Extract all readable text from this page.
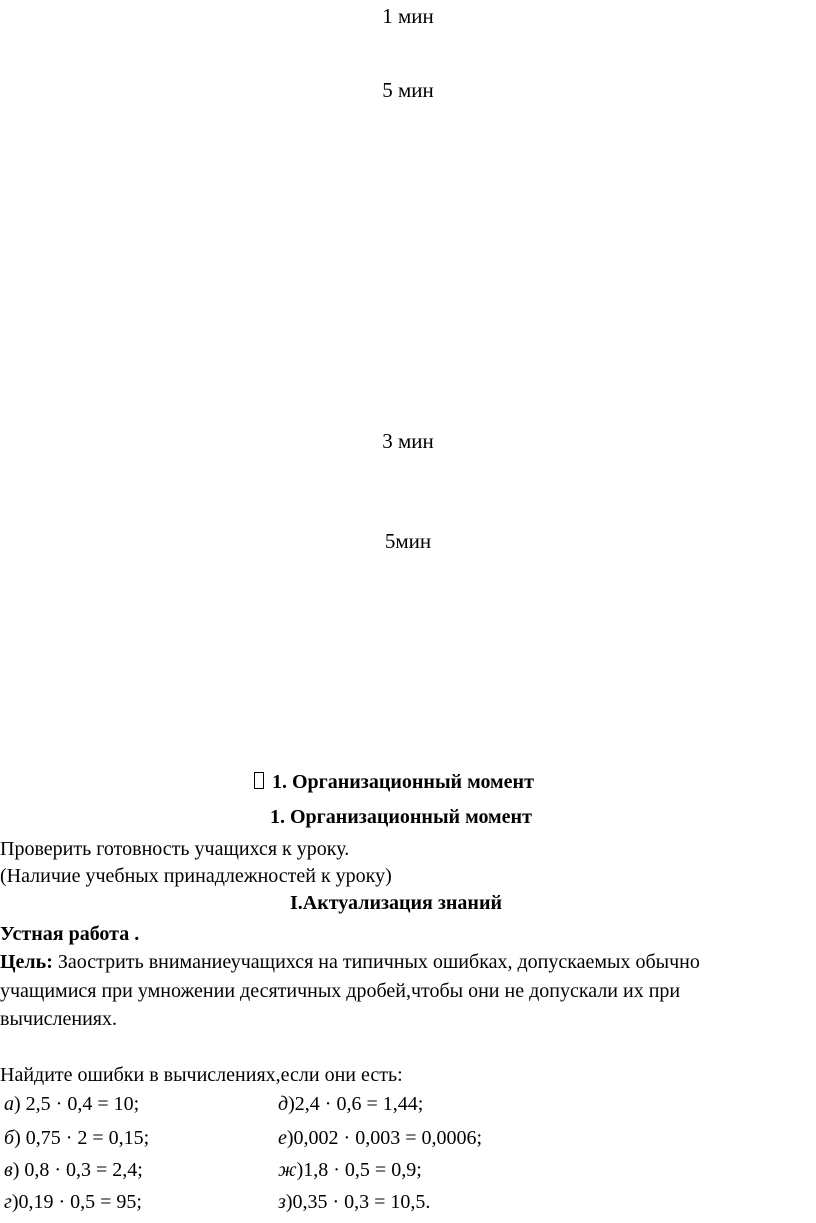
1 мин
5 мин
3 мин
5мин
1. Организационный момент
1. Организационный момент
Проверить готовность учащихся к уроку.
(Наличие учебных принадлежностей к уроку)
I.Актуализация знаний
Устная работа .
Цель: Заострить вниманиеучащихся на типичных ошибках, допускаемых обычно
учащимися при умножении десятичных дробей,чтобы они не допускали их при
вычислениях.
Найдите ошибки в вычислениях,если они есть:
а) 2,5 · 0,4 = 10;	д)2,4 · 0,6 = 1,44;
б) 0,75 · 2 = 0,15;	е)0,002 · 0,003 = 0,0006;
в) 0,8 · 0,3 = 2,4;	ж)1,8 · 0,5 = 0,9;
г)0,19 · 0,5 = 95;	з)0,35 · 0,3 = 10,5.
